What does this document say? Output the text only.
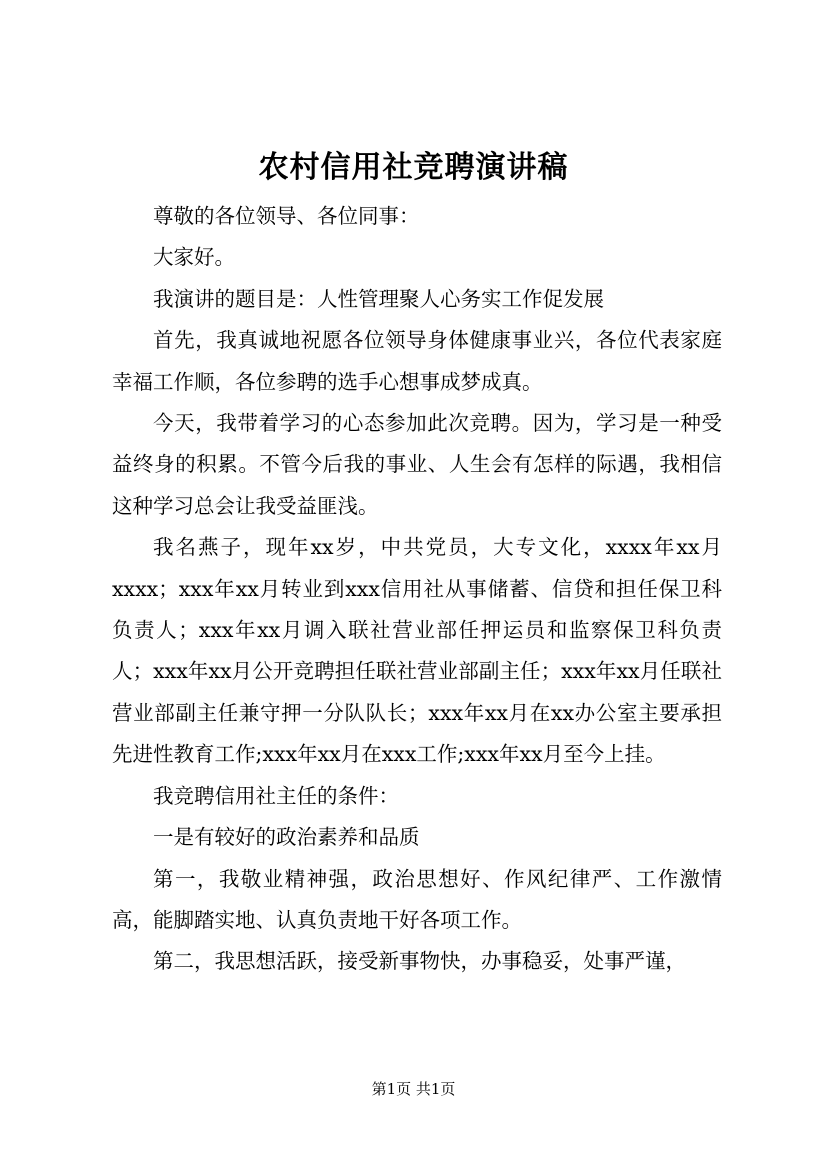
农村信用社竞聘演讲稿

尊敬的各位领导、各位同事：

大家好。

我演讲的题目是：人性管理聚人心务实工作促发展

首先，我真诚地祝愿各位领导身体健康事业兴，各位代表家庭幸福工作顺，各位参聘的选手心想事成梦成真。

今天，我带着学习的心态参加此次竞聘。因为，学习是一种受益终身的积累。不管今后我的事业、人生会有怎样的际遇，我相信这种学习总会让我受益匪浅。

我名燕子，现年xx岁，中共党员，大专文化，xxxx年xx月xxxx；xxx年xx月转业到xxx信用社从事储蓄、信贷和担任保卫科负责人；xxx年xx月调入联社营业部任押运员和监察保卫科负责人；xxx年xx月公开竞聘担任联社营业部副主任；xxx年xx月任联社营业部副主任兼守押一分队队长；xxx年xx月在xx办公室主要承担先进性教育工作;xxx年xx月在xxx工作;xxx年xx月至今上挂。

我竞聘信用社主任的条件：

一是有较好的政治素养和品质

第一，我敬业精神强，政治思想好、作风纪律严、工作激情高，能脚踏实地、认真负责地干好各项工作。

第二，我思想活跃，接受新事物快，办事稳妥，处事严谨，

第1页 共1页
